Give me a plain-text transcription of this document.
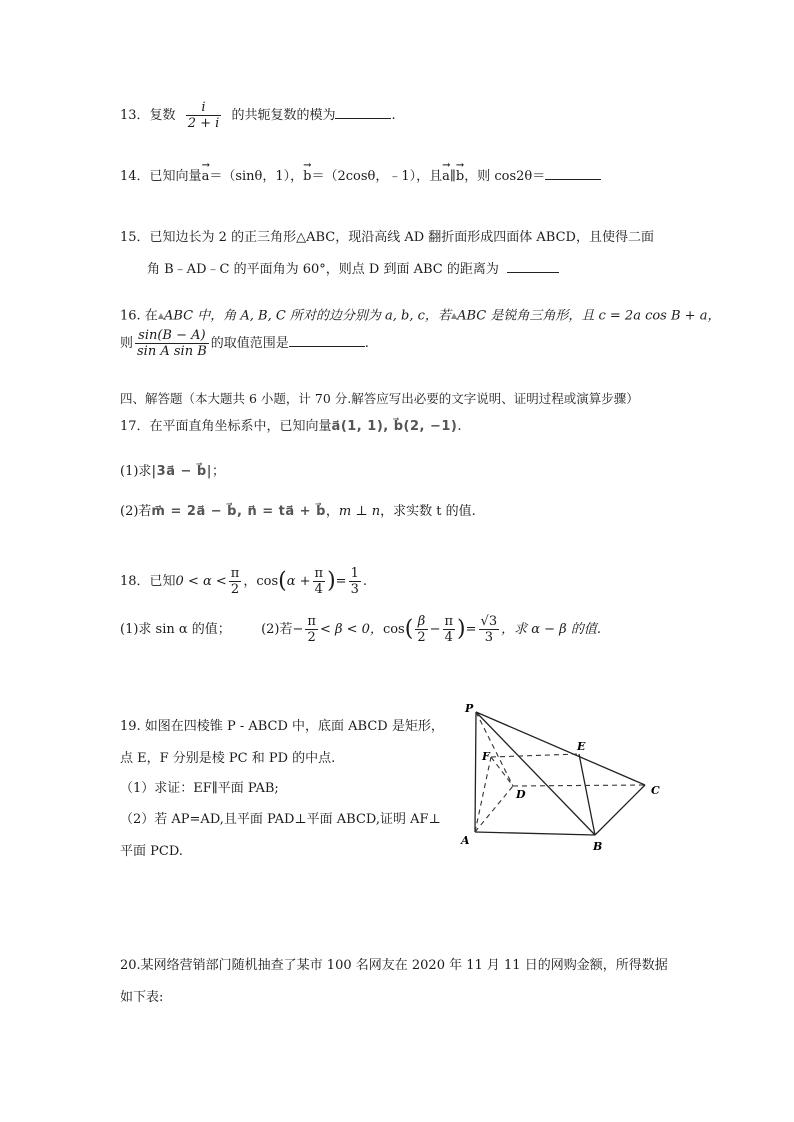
13．复数 $\frac{i}{2 + i}$ 的共轭复数的模为	.
14．已知向量→ a＝（sinθ，1），→ b＝（2cosθ，﹣1），且→ a∥→ b，则 cos2θ＝
15．已知边长为 2 的正三角形△ABC，现沿高线 AD 翻折面形成四面体 ABCD，且使得二面
角 B﹣AD﹣C 的平面角为 60°，则点 D 到面 ABC 的距离为
16. 在▲ABC 中，角 A, B, C 所对的边分别为 a, b, c，若▲ABC 是锐角三角形，且 c = 2a cos B + a，
则 $\frac{\sin(B - A)}{\text{sin A sin B}}$ 的取值范围是	.
四、解答题（本大题共 6 小题，计 70 分.解答应写出必要的文字说明、证明过程或演算步骤）
17．在平面直角坐标系中，已知向量a⃗(1, 1), b⃗(2, −1).
(1)求|3a⃗ − b⃗|；
(2)若m⃗ = 2a⃗ − b⃗, n⃗ = ta⃗ + b⃗，m ⊥ n，求实数 t 的值.
18．已知$0 < \alpha < \frac{\pi}{2}$ ，$\cos(\alpha + \frac{\pi}{4}$ )= $\frac{1}{3}$ .
(1)求 sin α 的值； (2)若− $\frac{\pi}{2} < \beta < 0$，$\cos( \frac{\beta}{2} - \frac{\pi}{4}$ )= $\frac{√3}{3}$ ，求 α − β 的值.
19. 如图在四棱锥 P - ABCD 中，底面 ABCD 是矩形，
点 E，F 分别是棱 PC 和 PD 的中点.
（1）求证：EF∥平面 PAB;
（2）若 AP=AD,且平面 PAD⊥平面 ABCD,证明 AF⊥
平面 PCD.
P
E
F
D	C
A	B
20.某网络营销部门随机抽查了某市 100 名网友在 2020 年 11 月 11 日的网购金额，所得数据
如下表:
